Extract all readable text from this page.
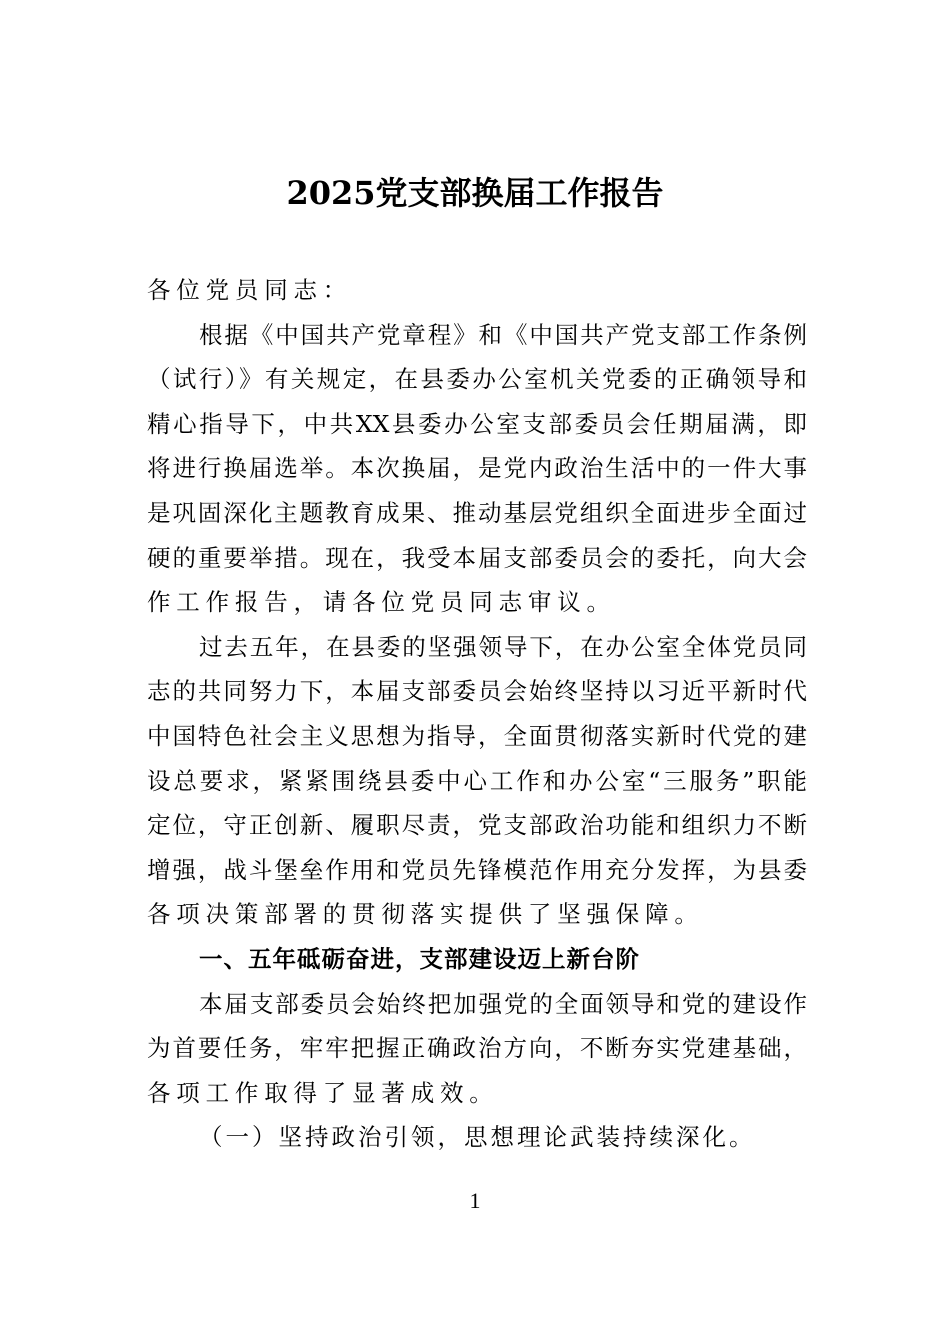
2025党支部换届工作报告
各位党员同志：
根据《中国共产党章程》和《中国共产党支部工作条例
（试行）》有关规定，在县委办公室机关党委的正确领导和
精心指导下，中共XX县委办公室支部委员会任期届满，即
将进行换届选举。本次换届，是党内政治生活中的一件大事
是巩固深化主题教育成果、推动基层党组织全面进步全面过
硬的重要举措。现在，我受本届支部委员会的委托，向大会
作工作报告，请各位党员同志审议。
过去五年，在县委的坚强领导下，在办公室全体党员同
志的共同努力下，本届支部委员会始终坚持以习近平新时代
中国特色社会主义思想为指导，全面贯彻落实新时代党的建
设总要求，紧紧围绕县委中心工作和办公室“三服务”职能
定位，守正创新、履职尽责，党支部政治功能和组织力不断
增强，战斗堡垒作用和党员先锋模范作用充分发挥，为县委
各项决策部署的贯彻落实提供了坚强保障。
一、五年砥砺奋进，支部建设迈上新台阶
本届支部委员会始终把加强党的全面领导和党的建设作
为首要任务，牢牢把握正确政治方向，不断夯实党建基础，
各项工作取得了显著成效。
（一）坚持政治引领，思想理论武装持续深化。
1
